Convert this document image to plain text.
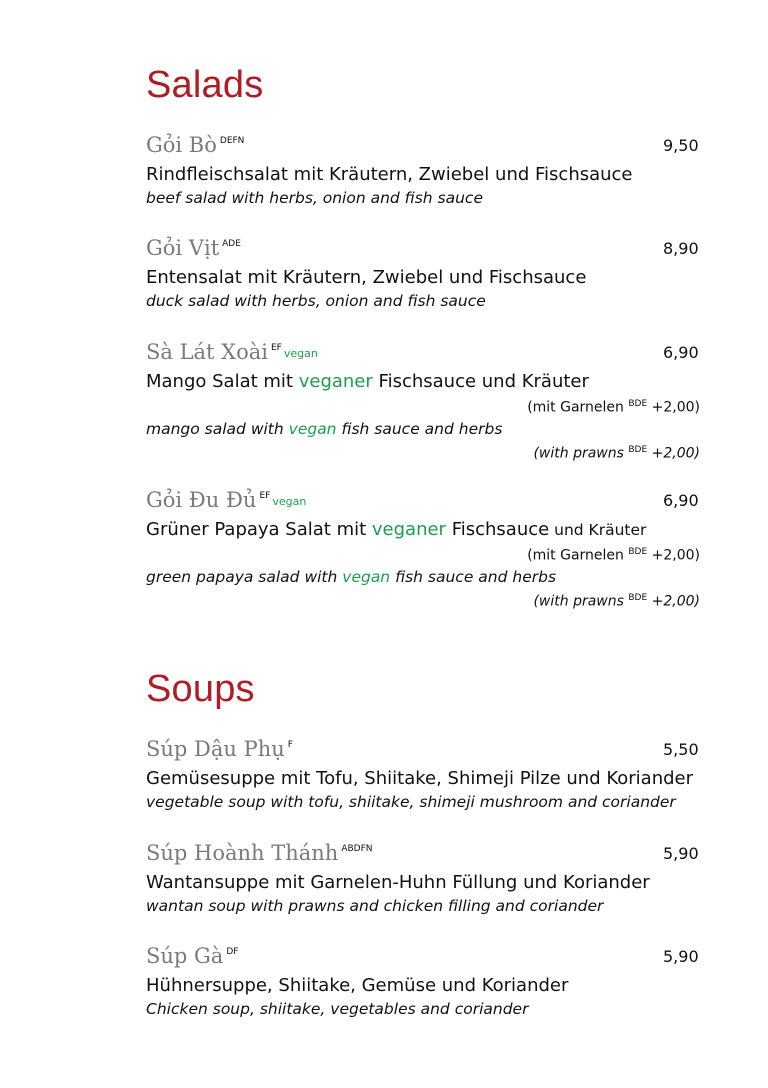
Salads
Gỏi Bò $^{DEFN}$	9,50
Rindfleischsalat mit Kräutern, Zwiebel und Fischsauce
beef salad with herbs, onion and fish sauce
Gỏi Vịt $^{ADE}$	8,90
Entensalat mit Kräutern, Zwiebel und Fischsauce
duck salad with herbs, onion and fish sauce
Sà Lát Xoài $^{EF}$ vegan	6,90
Mango Salat mit veganer Fischsauce und Kräuter
(mit Garnelen $^{BDE}$ +2,00)
mango salad with vegan fish sauce and herbs
(with prawns $^{BDE}$ +2,00)
Gỏi Đu Đủ $^{EF}$ vegan	6,90
Grüner Papaya Salat mit veganer Fischsauce und Kräuter
(mit Garnelen $^{BDE}$ +2,00)
green papaya salad with vegan fish sauce and herbs
(with prawns $^{BDE}$ +2,00)
Soups
Súp Dậu Phụ $^F$	5,50
Gemüsesuppe mit Tofu, Shiitake, Shimeji Pilze und Koriander
vegetable soup with tofu, shiitake, shimeji mushroom and coriander
Súp Hoành Thánh $^{ABDFN}$	5,90
Wantansuppe mit Garnelen-Huhn Füllung und Koriander
wantan soup with prawns and chicken filling and coriander
Súp Gà $^{DF}$	5,90
Hühnersuppe, Shiitake, Gemüse und Koriander
Chicken soup, shiitake, vegetables and coriander
